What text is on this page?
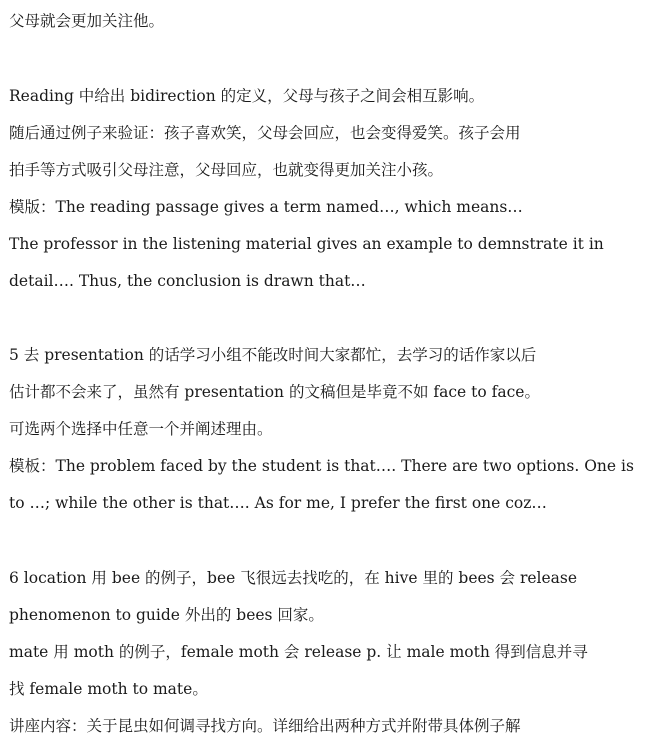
父母就会更加关注他。
Reading 中给出 bidirection 的定义，父母与孩子之间会相互影响。
随后通过例子来验证：孩子喜欢笑，父母会回应，也会变得爱笑。孩子会用
拍手等方式吸引父母注意，父母回应，也就变得更加关注小孩。
模版：The reading passage gives a term named…, which means…
The professor in the listening material gives an example to demnstrate it in
detail…. Thus, the conclusion is drawn that…
5 去 presentation 的话学习小组不能改时间大家都忙，去学习的话作家以后
估计都不会来了，虽然有 presentation 的文稿但是毕竟不如 face to face。
可选两个选择中任意一个并阐述理由。
模板：The problem faced by the student is that…. There are two options. One is
to …; while the other is that…. As for me, I prefer the first one coz…
6 location 用 bee 的例子，bee 飞很远去找吃的，在 hive 里的 bees 会 release
phenomenon to guide 外出的 bees 回家。
mate 用 moth 的例子，female moth 会 release p. 让 male moth 得到信息并寻
找 female moth to mate。
讲座内容：关于昆虫如何调寻找方向。详细给出两种方式并附带具体例子解
